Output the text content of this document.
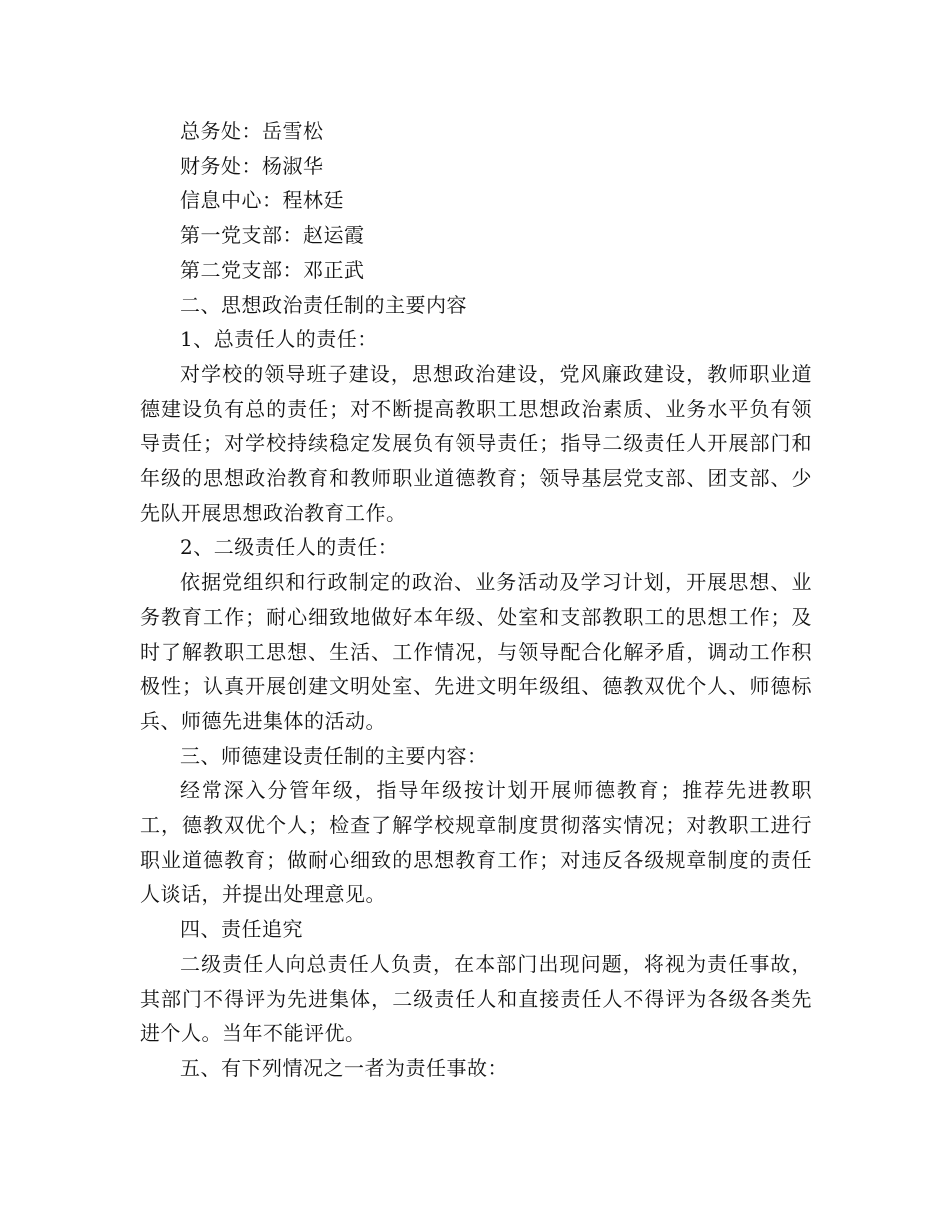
总务处：岳雪松

财务处：杨淑华

信息中心：程林廷

第一党支部：赵运霞

第二党支部：邓正武

二、思想政治责任制的主要内容

1、总责任人的责任：

对学校的领导班子建设，思想政治建设，党风廉政建设，教师职业道德建设负有总的责任；对不断提高教职工思想政治素质、业务水平负有领导责任；对学校持续稳定发展负有领导责任；指导二级责任人开展部门和年级的思想政治教育和教师职业道德教育；领导基层党支部、团支部、少先队开展思想政治教育工作。

2、二级责任人的责任：

依据党组织和行政制定的政治、业务活动及学习计划，开展思想、业务教育工作；耐心细致地做好本年级、处室和支部教职工的思想工作；及时了解教职工思想、生活、工作情况，与领导配合化解矛盾，调动工作积极性；认真开展创建文明处室、先进文明年级组、德教双优个人、师德标兵、师德先进集体的活动。

三、师德建设责任制的主要内容：

经常深入分管年级，指导年级按计划开展师德教育；推荐先进教职工，德教双优个人；检查了解学校规章制度贯彻落实情况；对教职工进行职业道德教育；做耐心细致的思想教育工作；对违反各级规章制度的责任人谈话，并提出处理意见。

四、责任追究

二级责任人向总责任人负责，在本部门出现问题，将视为责任事故，其部门不得评为先进集体，二级责任人和直接责任人不得评为各级各类先进个人。当年不能评优。

五、有下列情况之一者为责任事故：
